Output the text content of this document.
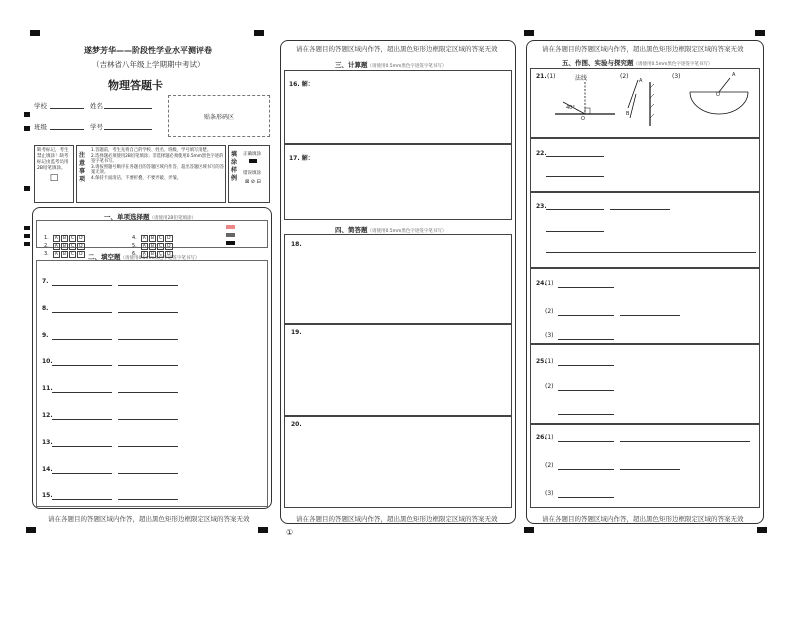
遂梦芳华——阶段性学业水平测评卷
（吉林省八年级上学期期中考试）
物理答题卡
学校	姓名
班级	学号
贴条形码区
缺考标记，考生禁止填涂！缺考标记由监考员用2B铅笔填涂。
□
注意事项
1.答题前，考生先将自己的学校、姓名、班级、学号填写清楚。
2.选择题必须使用2B铅笔填涂；非选择题必须使用0.5mm黑色字迹的签字笔书写。
3.请按照题号顺序在各题目的答题区域内作答，超出答题区域书写的答案无效。
4.保持卡面清洁，不要折叠、不要弄破、弄皱。
填涂样例
正确填涂
错误填涂
⊠ ⊘ ⊟
一、单项选择题（请使用2B铅笔填涂）
1. A B C D
2. A B C D
3. A B C D
4. A B C D
5. A B C D
6. A B C D
二、填空题（请使用0.5mm黑色字迹签字笔书写）
7.
8.
9.
10.
11.
12.
13.
14.
15.
请在各题目的答题区域内作答，超出黑色矩形边框限定区域的答案无效
请在各题目的答题区域内作答，超出黑色矩形边框限定区域的答案无效
三、计算题（请使用0.5mm黑色字迹签字笔书写）
16. 解：
17. 解：
四、简答题（请使用0.5mm黑色字迹签字笔书写）
18.
19.
20.
请在各题目的答题区域内作答，超出黑色矩形边框限定区域的答案无效
①
请在各题目的答题区域内作答，超出黑色矩形边框限定区域的答案无效
五、作图、实验与探究题（请使用0.5mm黑色字迹签字笔书写）
21. (1)	法线	(2)	(3)
40°
O
A
B
A
O
22.
23.
24.
(1)
(2)
(3)
25.
(1)
(2)
26.
(1)
(2)
(3)
请在各题目的答题区域内作答，超出黑色矩形边框限定区域的答案无效
